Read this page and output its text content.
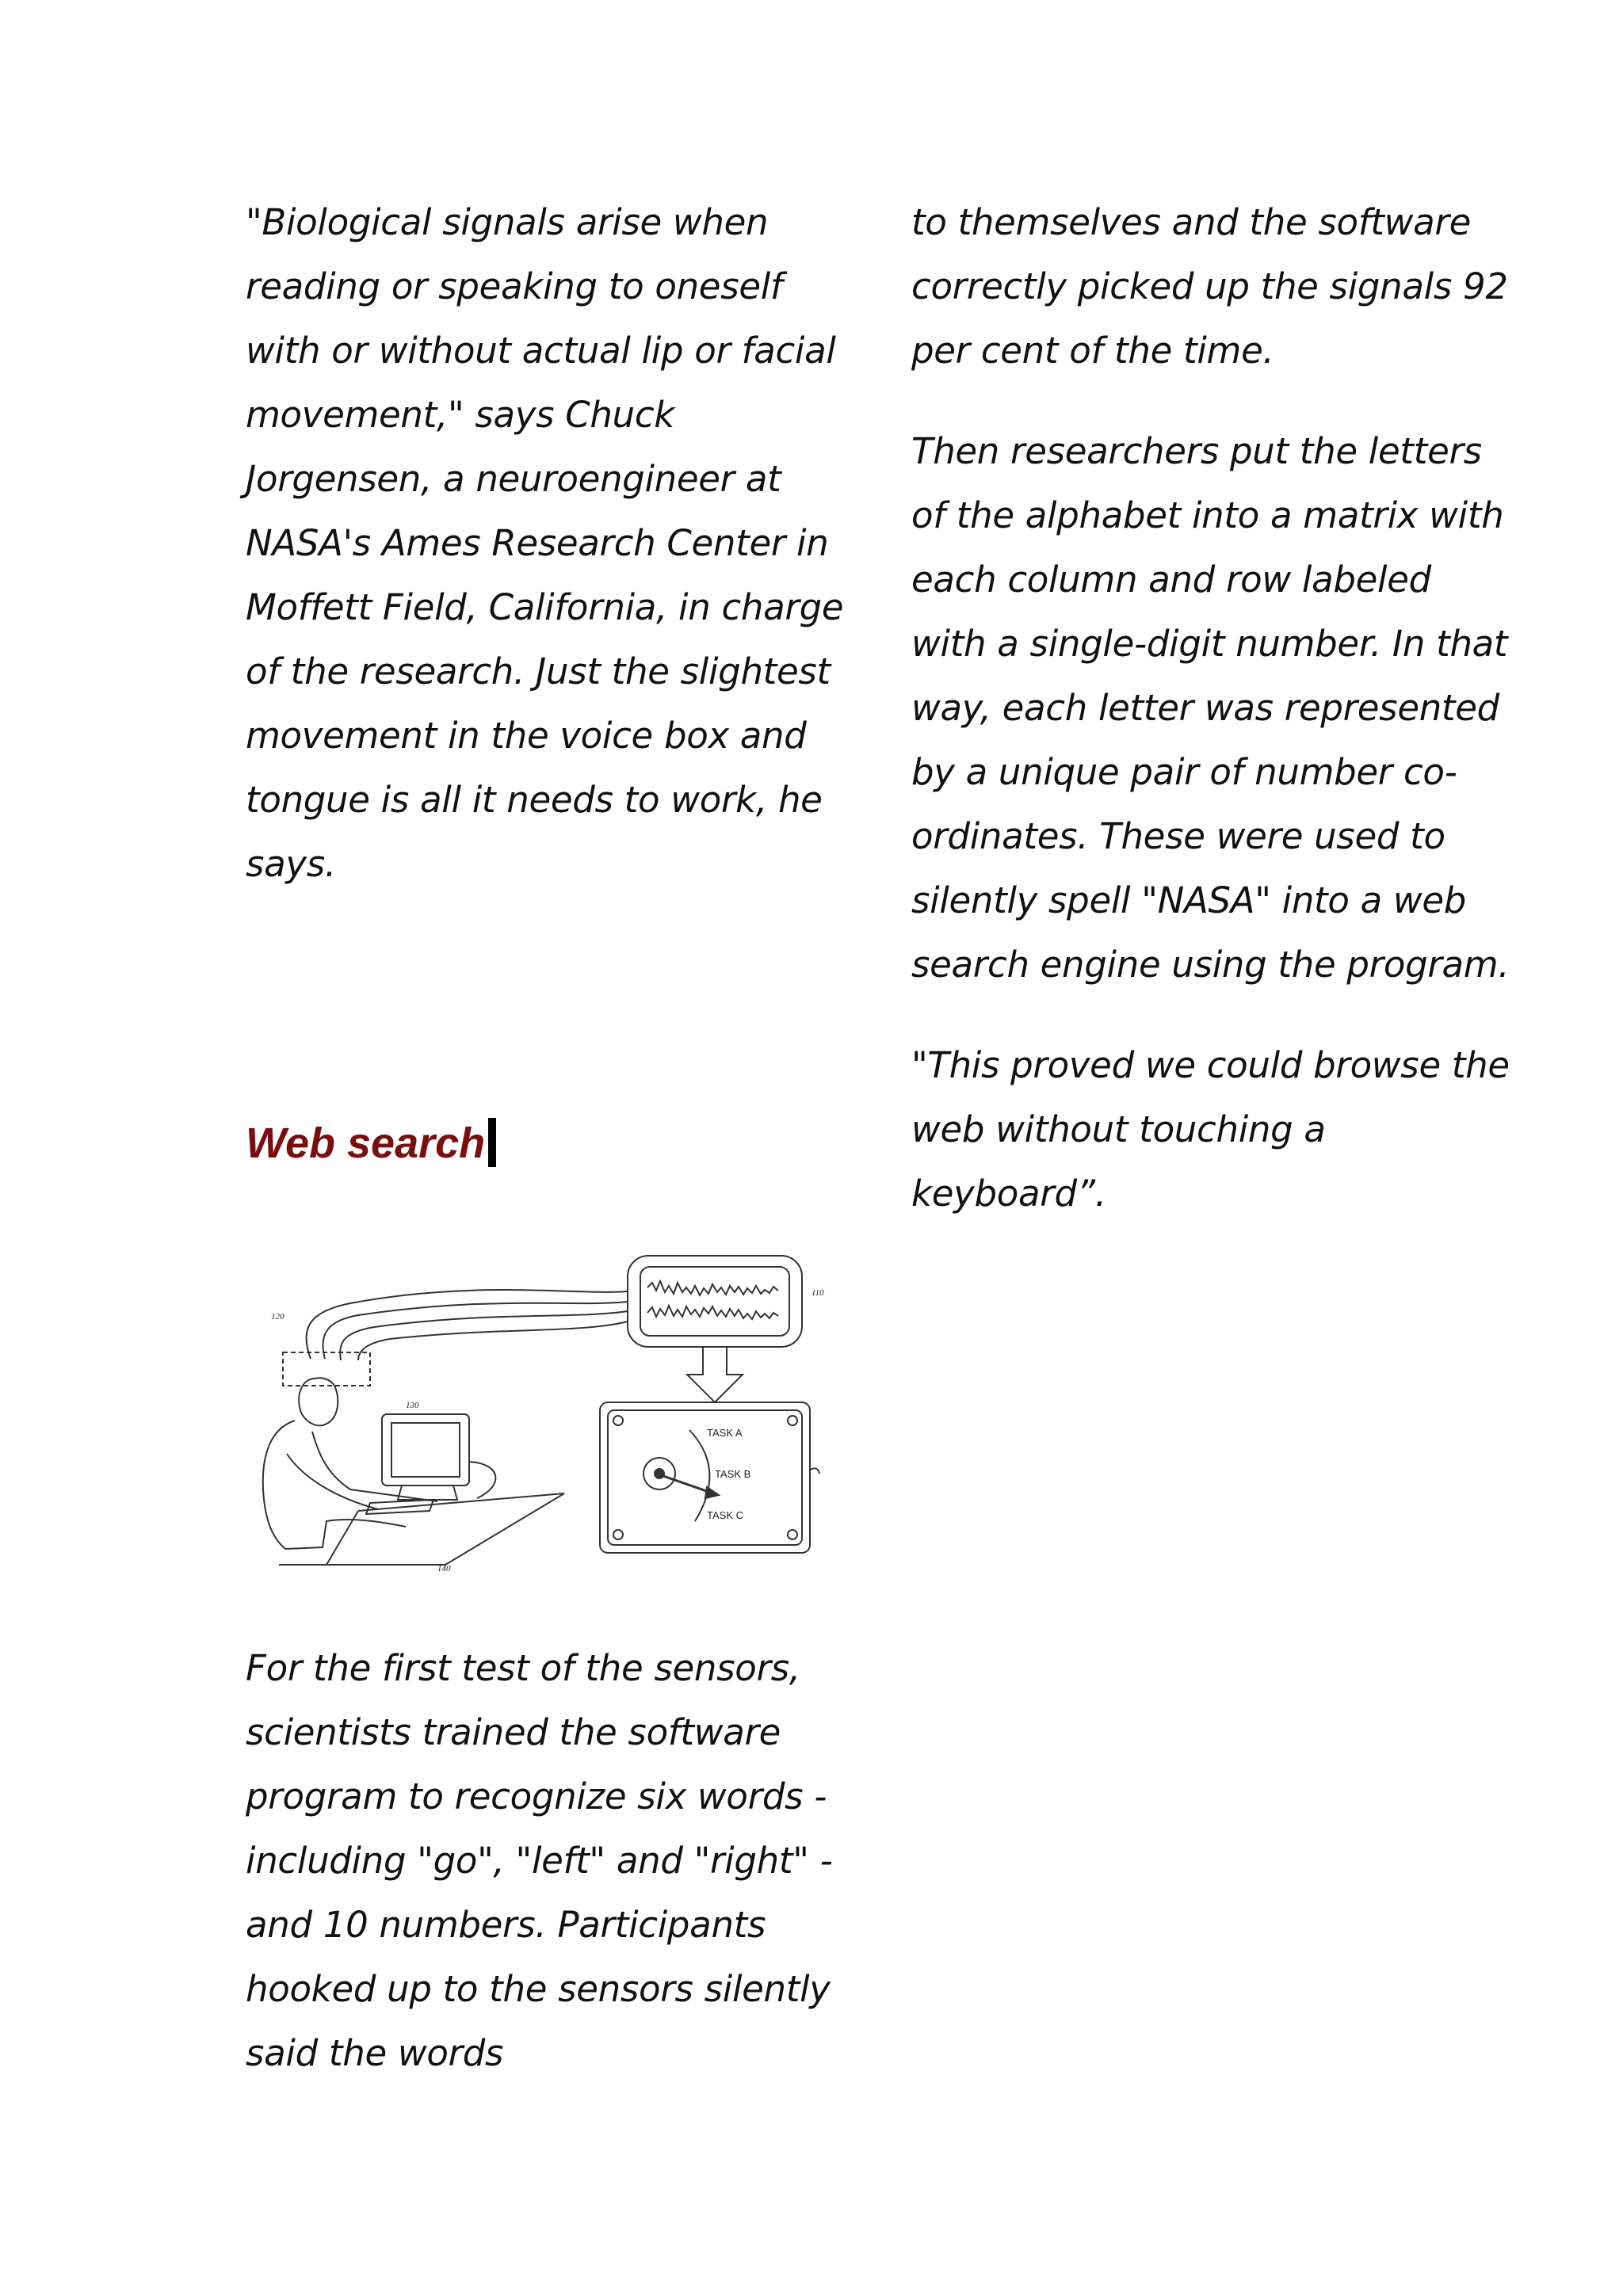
"Biological signals arise when reading or speaking to oneself with or without actual lip or facial movement," says Chuck Jorgensen, a neuroengineer at NASA's Ames Research Center in Moffett Field, California, in charge of the research. Just the slightest movement in the voice box and tongue is all it needs to work, he says.

Web search
TASK A
TASK B
TASK C
110
120
130
140

For the first test of the sensors, scientists trained the software program to recognize six words - including "go", "left" and "right" - and 10 numbers. Participants hooked up to the sensors silently said the words

to themselves and the software correctly picked up the signals 92 per cent of the time.

Then researchers put the letters of the alphabet into a matrix with each column and row labeled with a single-digit number. In that way, each letter was represented by a unique pair of number co-ordinates. These were used to silently spell "NASA" into a web search engine using the program.

"This proved we could browse the web without touching a keyboard”.
